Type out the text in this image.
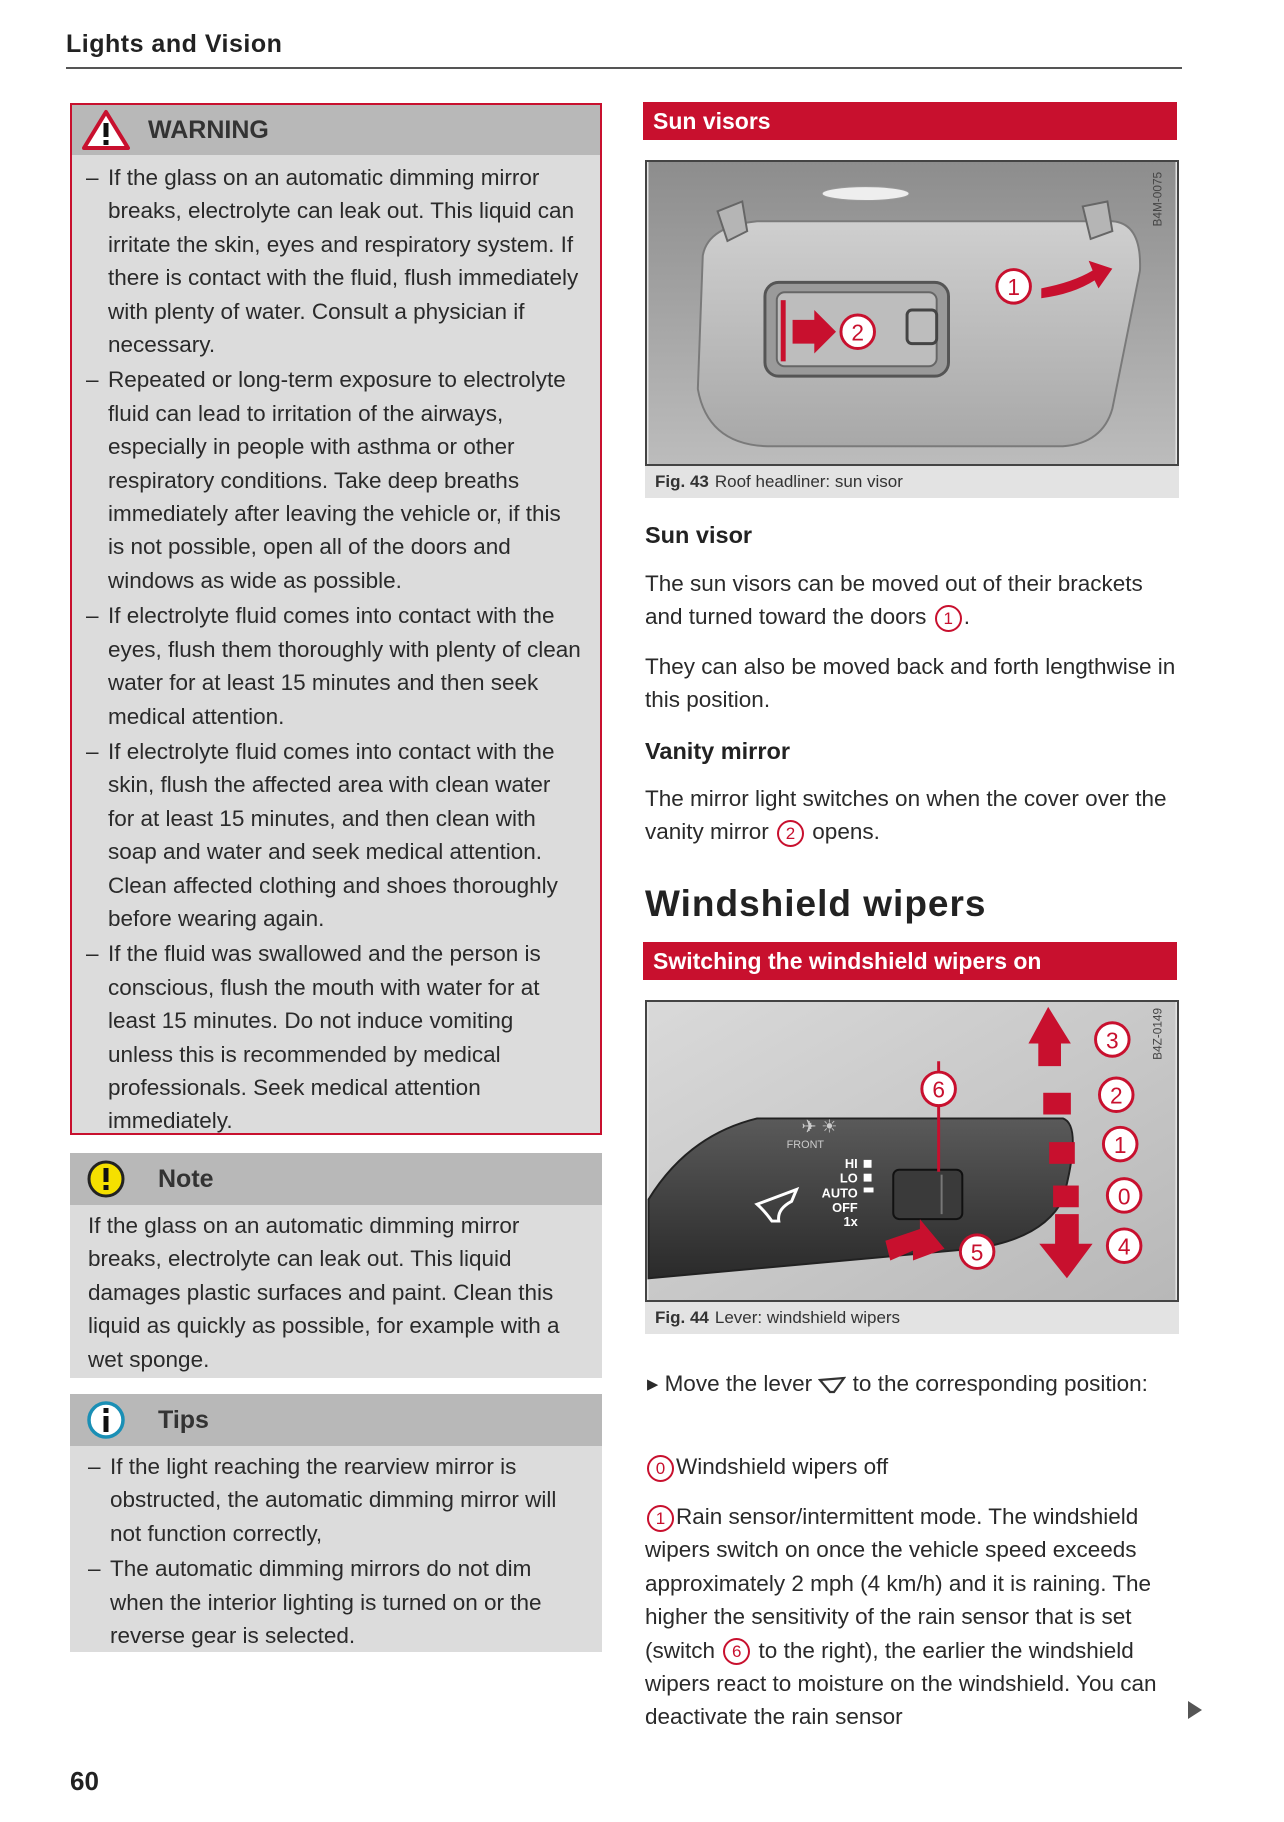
Lights and Vision
WARNING
– If the glass on an automatic dimming mirror breaks, electrolyte can leak out. This liquid can irritate the skin, eyes and respiratory system. If there is contact with the fluid, flush immediately with plenty of water. Consult a physician if necessary.
– Repeated or long-term exposure to electrolyte fluid can lead to irritation of the airways, especially in people with asthma or other respiratory conditions. Take deep breaths immediately after leaving the vehicle or, if this is not possible, open all of the doors and windows as wide as possible.
– If electrolyte fluid comes into contact with the eyes, flush them thoroughly with plenty of clean water for at least 15 minutes and then seek medical attention.
– If electrolyte fluid comes into contact with the skin, flush the affected area with clean water for at least 15 minutes, and then clean with soap and water and seek medical attention. Clean affected clothing and shoes thoroughly before wearing again.
– If the fluid was swallowed and the person is conscious, flush the mouth with water for at least 15 minutes. Do not induce vomiting unless this is recommended by medical professionals. Seek medical attention immediately.
Note
If the glass on an automatic dimming mirror breaks, electrolyte can leak out. This liquid damages plastic surfaces and paint. Clean this liquid as quickly as possible, for example with a wet sponge.
Tips
– If the light reaching the rearview mirror is obstructed, the automatic dimming mirror will not function correctly,
– The automatic dimming mirrors do not dim when the interior lighting is turned on or the reverse gear is selected.
60
Sun visors
2
1
B4M-0075
Fig. 43 Roof headliner: sun visor
Sun visor
The sun visors can be moved out of their brackets and turned toward the doors 1 .
They can also be moved back and forth lengthwise in this position.
Vanity mirror
The mirror light switches on when the cover over the vanity mirror 2 opens.
Windshield wipers
Switching the windshield wipers on
✈ ☀
FRONT
HI
LO
AUTO
OFF
1x
6
5
3
2
1
0
4
B4Z-0149
Fig. 44 Lever: windshield wipers
▸ Move the lever to the corresponding position:
0 Windshield wipers off
1 Rain sensor/intermittent mode. The windshield wipers switch on once the vehicle speed exceeds approximately 2 mph (4 km/h) and it is raining. The higher the sensitivity of the rain sensor that is set (switch 6 to the right), the earlier the windshield wipers react to moisture on the windshield. You can deactivate the rain sensor
